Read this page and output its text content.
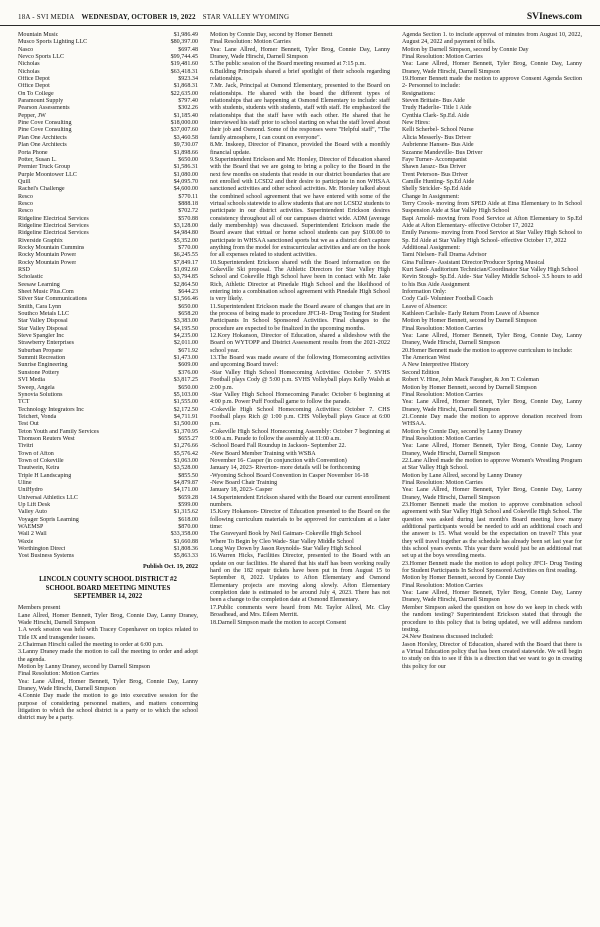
18A - SVI MEDIA WEDNESDAY, OCTOBER 19, 2022 STAR VALLEY WYOMING	SVInews.com
Mountain Music	$1,986.49
Musco Sports Lighting LLC	$80,397.00
Nasco	$697.48
Nevco Sports LLC	$99,744.45
Nicholas	$19,481.60
Nicholas	$63,418.31
Office Depot	$923.34
Office Depot	$1,868.31
On To College	$22,635.00
Paramount Supply	$797.40
Pearson Assessments	$302.26
Pepper, JW	$1,185.40
Pine Cove Consulting	$18,000.00
Pine Cove Consulting	$37,007.60
Plan One Architects	$3,460.58
Plan One Architects	$9,730.07
Porta Phone	$1,898.66
Potter, Susan L.	$650.00
Premier Truck Group	$1,586.31
Purple Moontower LLC	$1,080.00
Quill	$4,095.70
Rachel's Challenge	$4,600.00
Resco	$770.11
Resco	$888.18
Resco	$702.72
Ridgeline Electrical Services	$570.88
Ridgeline Electrical Services	$3,128.00
Ridgeline Electrical Services	$4,984.80
Riverside Graphix	$5,352.00
Rocky Mountain Cummins	$770.00
Rocky Mountain Power	$6,245.55
Rocky Mountain Power	$7,849.17
RSD	$1,092.60
Scholastic	$3,794.85
Seesaw Learning	$2,864.50
Sheet Music Plus.Com	$644.23
Silver Star Communications	$1,566.46
Smith, Cara Lynn	$650.00
Southco Metals LLC	$658.20
Star Valley Disposal	$3,383.00
Star Valley Disposal	$4,195.50
Steve Spangler Inc	$4,235.00
Strawberry Enterprises	$2,011.00
Suburban Propane	$671.92
Summit Recreation	$1,473.00
Sunrise Engineering	$609.00
Sunstone Pottery	$376.00
SVI Media	$3,817.25
Sweep, Angela	$650.00
Synovia Solutions	$5,103.00
TCT	$1,555.00
Technology Integrators Inc	$2,172.50
Teichert, Vonda	$4,711.91
Test Out	$1,500.00
Teton Youth and Family Services	$1,370.95
Thomson Reuters West	$655.27
Tivitri	$1,276.66
Town of Afton	$5,576.42
Town of Cokeville	$1,063.00
Trautwein, Keira	$3,528.00
Triple H Landscaping	$855.50
Uline	$4,879.87
UniHydro	$4,171.00
Universal Athletics LLC	$659.28
Up Lift Desk	$599.00
Valley Auto	$1,315.62
Voyager Sopris Learning	$618.00
WAEMSP	$870.00
Wall 2 Wall	$33,358.00
Waxie	$1,660.88
Worthington Direct	$1,808.36
Yost Business Systems	$5,863.33
Publish Oct. 19, 2022
LINCOLN COUNTY SCHOOL DISTRICT #2
SCHOOL BOARD MEETING MINUTES
SEPTEMBER 14, 2022

Members present

Lane Allred, Homer Bennett, Tyler Brog, Connie Day, Lanny Draney, Wade Hirschi, Darnell Simpson

1.A work session was held with Tracey Copenhaver on topics related to Title IX and transgender issues.

2.Chairman Hirschi called the meeting to order at 6:00 p.m.

3.Lanny Draney made the motion to call the meeting to order and adopt the agenda.

Motion by Lanny Draney, second by Darnell Simpson

Final Resolution: Motion Carries

Yea: Lane Allred, Homer Bennett, Tyler Brog, Connie Day, Lanny Draney, Wade Hirschi, Darnell Simpson

4.Connie Day made the motion to go into executive session for the purpose of considering personnel matters, and matters concerning litigation to which the school district is a party or to which the school district may be a party.

Motion by Connie Day, second by Homer Bennett

Final Resolution: Motion Carries

Yea: Lane Allred, Homer Bennett, Tyler Brog, Connie Day, Lanny Draney, Wade Hirschi, Darnell Simpson

5.The public session of the Board meeting resumed at 7:15 p.m.

6.Building Principals shared a brief spotlight of their schools regarding relationships.

7.Mr. Jack, Principal at Osmond Elementary, presented to the Board on relationships. He shared with the board the different types of relationships that are happening at Osmond Elementary to include: staff with students, students with students, staff with staff. He emphasized the relationships that the staff have with each other. He shared that he interviewed his staff prior to school starting on what the staff loved about their job and Osmond. Some of the responses were "Helpful staff", "The family atmosphere, I can count on everyone".

8.Mr. Inskeep, Director of Finance, provided the Board with a monthly financial update.

9.Superintendent Erickson and Mr. Horsley, Director of Education shared with the Board that we are going to bring a policy to the Board in the next few months on students that reside in our district boundaries that are not enrolled with LCSD2 and their desire to participate in non WHSAA sanctioned activities and other school activities. Mr. Horsley talked about the combined school agreement that we have entered with some of the virtual schools statewide to allow students that are not LCSD2 students to participate in our district activities. Superintendent Erickson desires consistency throughout all of our campuses district wide. ADM (average daily membership) was discussed. Superintendent Erickson made the Board aware that virtual or home school students can pay $100.00 to participate in WHSAA sanctioned sports but we as a district don't capture anything from the model for extracurricular activities and are on the hook for all expenses related to student activities.

10.Superintendent Erickson shared with the Board information on the Cokeville Ski proposal. The Athletic Directors for Star Valley High School and Cokeville High School have been in contact with Mr. Jake Rich, Athletic Director at Pinedale High School and the likelihood of entering into a combination school agreement with Pinedale High School is very likely.

11.Superintendent Erickson made the Board aware of changes that are in the process of being made to procedure JFCI-R- Drug Testing for Student Participants In School Sponsored Activities. Final changes to the procedure are expected to be finalized in the upcoming months.

12.Kory Hokanson, Director of Education, shared a slideshow with the Board on WYTOPP and District Assessment results from the 2021-2022 school year.

13.The Board was made aware of the following Homecoming activities and upcoming Board travel:

-Star Valley High School Homecoming Activities: October 7. SVHS Football plays Cody @ 5:00 p.m. SVHS Volleyball plays Kelly Walsh at 2:00 p.m.

-Star Valley High School Homecoming Parade: October 6 beginning at 4:00 p.m. Power Puff Football game to follow the parade.

-Cokeville High School Homecoming Activities: October 7. CHS Football plays Rich @ 1:00 p.m. CHS Volleyball plays Grace at 6:00 p.m.

-Cokeville High School Homecoming Assembly: October 7 beginning at 9:00 a.m. Parade to follow the assembly at 11:00 a.m.

-School Board Fall Roundup in Jackson- September 22.

-New Board Member Training with WSBA

November 16- Casper (in conjunction with Convention)

January 14, 2023- Riverton- more details will be forthcoming

-Wyoming School Board Convention in Casper November 16-18

-New Board Chair Training

January 18, 2023- Casper

14.Superintendent Erickson shared with the Board our current enrollment numbers.

15.Kory Hokanson- Director of Education presented to the Board on the following curriculum materials to be approved for curriculum at a later time:

The Graveyard Book by Neil Gaiman- Cokeville High School

Where To Begin by Cleo Wade- Star Valley Middle School

Long Way Down by Jason Reynolds- Star Valley High School

16.Warren Hicks, Facilities Director, presented to the Board with an update on our facilities. He shared that his staff has been working really hard on the 182 repair tickets have been put in from August 15 to September 8, 2022. Updates to Afton Elementary and Osmond Elementary projects are moving along slowly. Afton Elementary completion date is estimated to be around July 4, 2023. There has not been a change to the completion date at Osmond Elementary.

17.Public comments were heard from Mr. Taylor Allred, Mr. Clay Broadhead, and Mrs. Eileen Merritt.

18.Darnell Simpson made the motion to accept Consent

Agenda Section 1. to include approval of minutes from August 10, 2022, August 24, 2022 and payment of bills.

Motion by Darnell Simpson, second by Connie Day

Final Resolution: Motion Carries

Yea: Lane Allred, Homer Bennett, Tyler Brog, Connie Day, Lanny Draney, Wade Hirschi, Darnell Simpson

19.Homer Bennett made the motion to approve Consent Agenda Section 2- Personnel to include:

Resignations:

Steven Brittain- Bus Aide

Trudy Haderlie- Title 1 Aide

Cynthia Clark- Sp.Ed. Aide

New Hires:

Kelli Scherbel- School Nurse

Alicia Messerly- Bus Driver

Aubrienne Hansen- Bus Aide

Suzanne Mandeville- Bus Driver

Faye Turner- Accompanist

Shawn Jarazc- Bus Driver

Trent Peterson- Bus Driver

Camille Hunting- Sp.Ed Aide

Shelly Strickler- Sp.Ed Aide

Change In Assignment:

Terry Crook- moving from SPED Aide at Etna Elementary to In School Suspension Aide at Star Valley High School

Bapi Arnold- moving from Food Service at Afton Elementary to Sp.Ed Aide at Afton Elementary- effective October 17, 2022

Emily Parsons- moving from Food Service at Star Valley High School to Sp. Ed Aide at Star Valley High School- effective October 17, 2022

Additional Assignment:

Tami Nielsen- Fall Drama Advisor

Gina Fullmer- Assistant Director/Producer Spring Musical

Kurt Sand- Auditorium Technician/Coordinator Star Valley High School

Kevin Stough- Sp.Ed. Aide- Star Valley Middle School- 3.5 hours to add to his Bus Aide Assignment

Information Only:

Cody Cail- Volunteer Football Coach

Leave of Absence:

Kathleen Carlisle- Early Return From Leave of Absence

Motion by Homer Bennett, second by Darnell Simpson

Final Resolution: Motion Carries

Yea: Lane Allred, Homer Bennett, Tyler Brog, Connie Day, Lanny Draney, Wade Hirschi, Darnell Simpson

20.Homer Bennett made the motion to approve curriculum to include:

The American West

A New Interpretive History

Second Edition

Robert V. Hine, John Mack Faragher, & Jon T. Coleman

Motion by Homer Bennett, second by Darnell Simpson

Final Resolution: Motion Carries

Yea: Lane Allred, Homer Bennett, Tyler Brog, Connie Day, Lanny Draney, Wade Hirschi, Darnell Simpson

21.Connie Day made the motion to approve donation received from WHSAA.

Motion by Connie Day, second by Lanny Draney

Final Resolution: Motion Carries

Yea: Lane Allred, Homer Bennett, Tyler Brog, Connie Day, Lanny Draney, Wade Hirschi, Darnell Simpson

22.Lane Allred made the motion to approve Women's Wrestling Program at Star Valley High School.

Motion by Lane Allred, second by Lanny Draney

Final Resolution: Motion Carries

Yea: Lane Allred, Homer Bennett, Tyler Brog, Connie Day, Lanny Draney, Wade Hirschi, Darnell Simpson

23.Homer Bennett made the motion to approve combination school agreement with Star Valley High School and Cokeville High School. The question was asked during last month's Board meeting how many additional participants would be needed to add an additional coach and the answer is 15. What would be the expectation on travel? This year they will travel together as the schedule has already been set last year for this school years events. This year there would just be an additional mat set up at the boys wrestling meets.

23.Homer Bennett made the motion to adopt policy JFCI- Drug Testing for Student Participants In School Sponsored Activities on first reading.

Motion by Homer Bennett, second by Connie Day

Final Resolution: Motion Carries

Yea: Lane Allred, Homer Bennett, Tyler Brog, Connie Day, Lanny Draney, Wade Hirschi, Darnell Simpson

Member Simpson asked the question on how do we keep in check with the random testing? Superintendent Erickson stated that through the procedure to this policy that is being updated, we will address random testing.

24.New Business discussed included:

Jason Horsley, Director of Education, shared with the Board that there is a Virtual Education policy that has been created statewide. We will begin to study on this to see if this is a direction that we want to go in creating this policy for our
